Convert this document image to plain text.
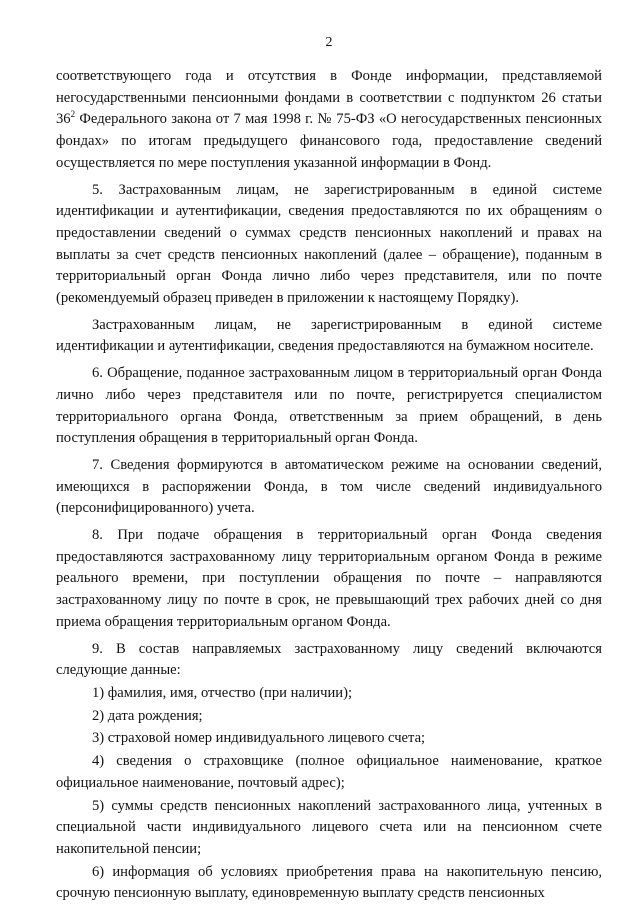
2

соответствующего года и отсутствия в Фонде информации, представляемой негосударственными пенсионными фондами в соответствии с подпунктом 26 статьи $36^2$ Федерального закона от 7 мая 1998 г. № 75-ФЗ «О негосударственных пенсионных фондах» по итогам предыдущего финансового года, предоставление сведений осуществляется по мере поступления указанной информации в Фонд.

5. Застрахованным лицам, не зарегистрированным в единой системе идентификации и аутентификации, сведения предоставляются по их обращениям о предоставлении сведений о суммах средств пенсионных накоплений и правах на выплаты за счет средств пенсионных накоплений (далее – обращение), поданным в территориальный орган Фонда лично либо через представителя, или по почте (рекомендуемый образец приведен в приложении к настоящему Порядку).

Застрахованным лицам, не зарегистрированным в единой системе идентификации и аутентификации, сведения предоставляются на бумажном носителе.

6. Обращение, поданное застрахованным лицом в территориальный орган Фонда лично либо через представителя или по почте, регистрируется специалистом территориального органа Фонда, ответственным за прием обращений, в день поступления обращения в территориальный орган Фонда.

7. Сведения формируются в автоматическом режиме на основании сведений, имеющихся в распоряжении Фонда, в том числе сведений индивидуального (персонифицированного) учета.

8. При подаче обращения в территориальный орган Фонда сведения предоставляются застрахованному лицу территориальным органом Фонда в режиме реального времени, при поступлении обращения по почте – направляются застрахованному лицу по почте в срок, не превышающий трех рабочих дней со дня приема обращения территориальным органом Фонда.

9. В состав направляемых застрахованному лицу сведений включаются следующие данные:

1) фамилия, имя, отчество (при наличии);

2) дата рождения;

3) страховой номер индивидуального лицевого счета;

4) сведения о страховщике (полное официальное наименование, краткое официальное наименование, почтовый адрес);

5) суммы средств пенсионных накоплений застрахованного лица, учтенных в специальной части индивидуального лицевого счета или на пенсионном счете накопительной пенсии;

6) информация об условиях приобретения права на накопительную пенсию, срочную пенсионную выплату, единовременную выплату средств пенсионных
